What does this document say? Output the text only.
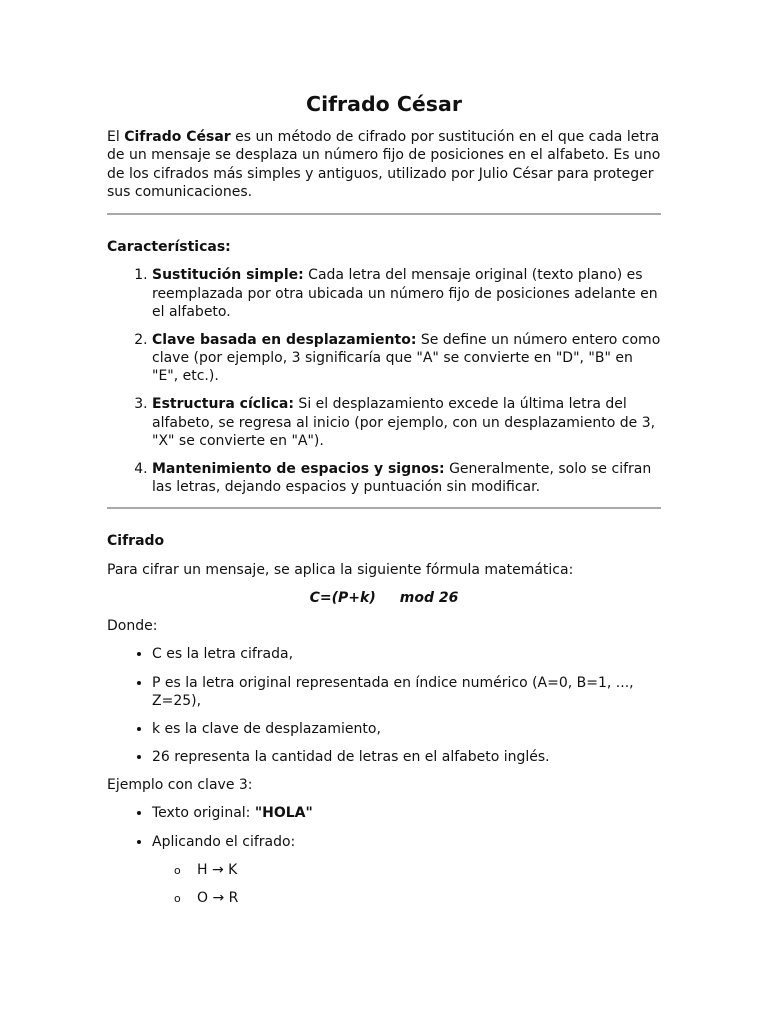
Cifrado César

El Cifrado César es un método de cifrado por sustitución en el que cada letra de un mensaje se desplaza un número fijo de posiciones en el alfabeto. Es uno de los cifrados más simples y antiguos, utilizado por Julio César para proteger sus comunicaciones.

Características:

1. Sustitución simple: Cada letra del mensaje original (texto plano) es reemplazada por otra ubicada un número fijo de posiciones adelante en el alfabeto.
2. Clave basada en desplazamiento: Se define un número entero como clave (por ejemplo, 3 significaría que "A" se convierte en "D", "B" en "E", etc.).
3. Estructura cíclica: Si el desplazamiento excede la última letra del alfabeto, se regresa al inicio (por ejemplo, con un desplazamiento de 3, "X" se convierte en "A").
4. Mantenimiento de espacios y signos: Generalmente, solo se cifran las letras, dejando espacios y puntuación sin modificar.

Cifrado

Para cifrar un mensaje, se aplica la siguiente fórmula matemática:

C=(P+k) mod 26

Donde:

• C es la letra cifrada,
• P es la letra original representada en índice numérico (A=0, B=1, ..., Z=25),
• k es la clave de desplazamiento,
• 26 representa la cantidad de letras en el alfabeto inglés.

Ejemplo con clave 3:

• Texto original: "HOLA"
• Aplicando el cifrado:
o H → K
o O → R
